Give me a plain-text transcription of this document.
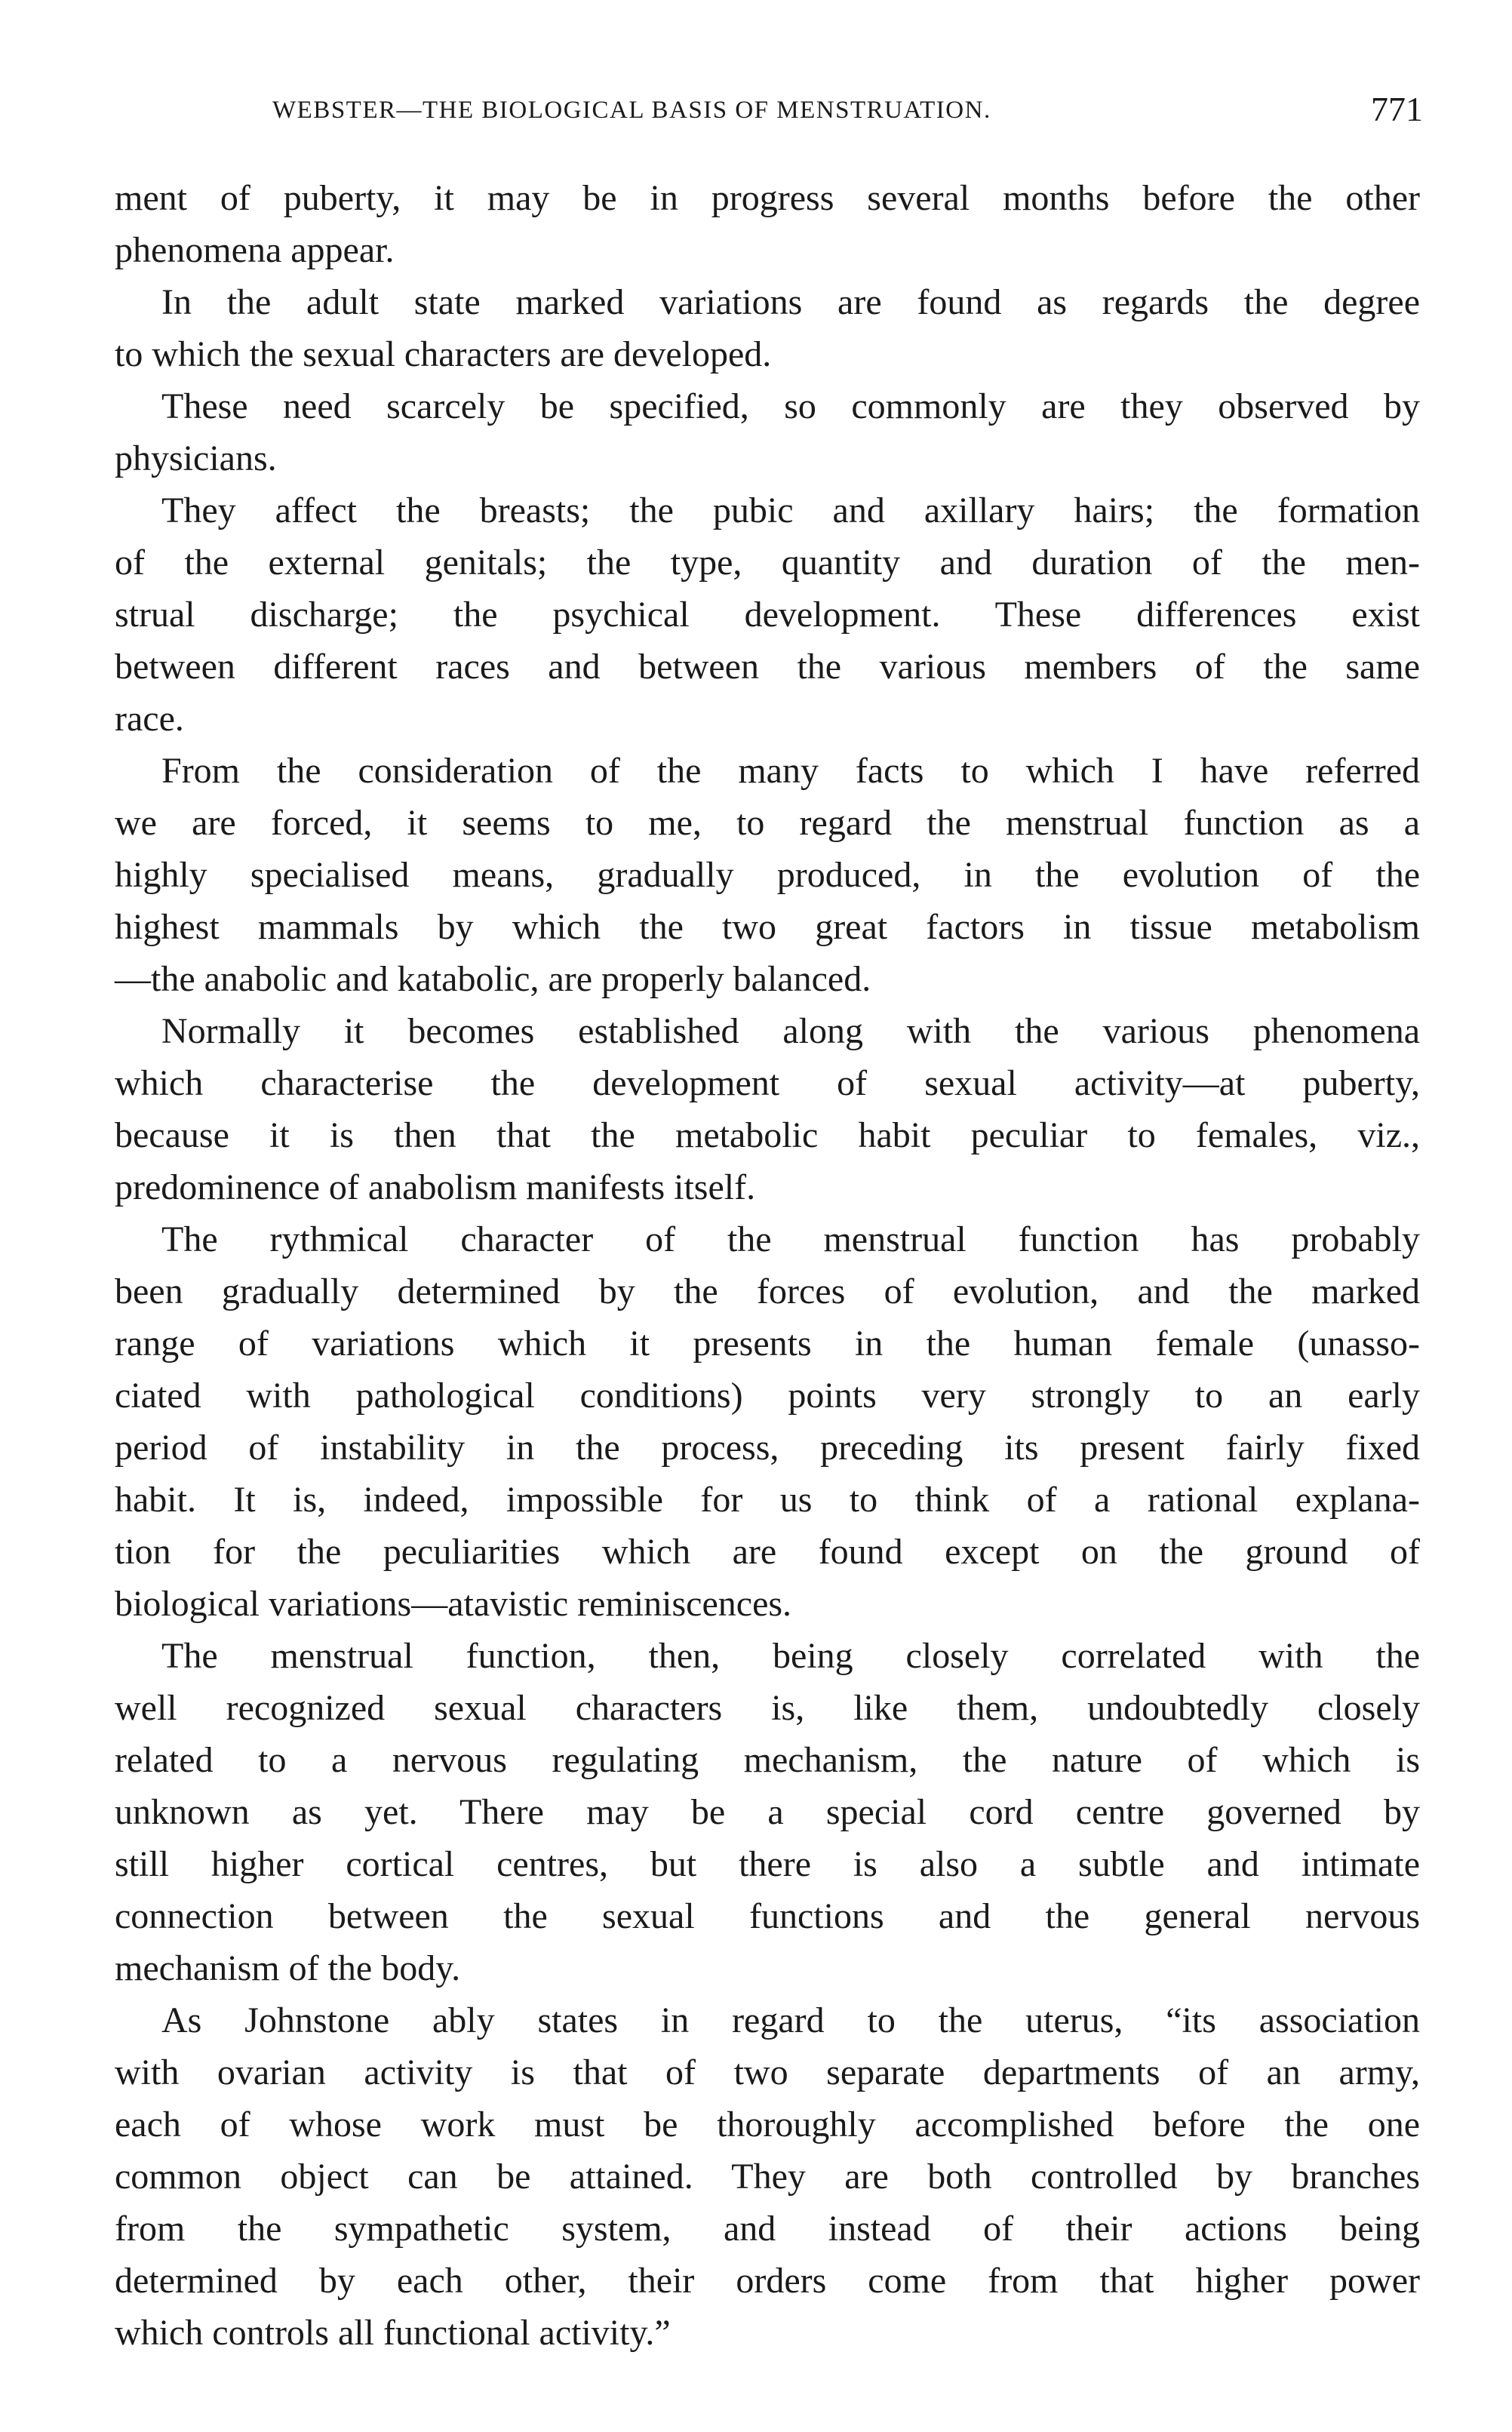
WEBSTER—THE BIOLOGICAL BASIS OF MENSTRUATION.	771
ment of puberty, it may be in progress several months before the other
phenomena appear.
In the adult state marked variations are found as regards the degree
to which the sexual characters are developed.
These need scarcely be specified, so commonly are they observed by
physicians.
They affect the breasts; the pubic and axillary hairs; the formation
of the external genitals; the type, quantity and duration of the men-
strual discharge; the psychical development. These differences exist
between different races and between the various members of the same
race.
From the consideration of the many facts to which I have referred
we are forced, it seems to me, to regard the menstrual function as a
highly specialised means, gradually produced, in the evolution of the
highest mammals by which the two great factors in tissue metabolism
—the anabolic and katabolic, are properly balanced.
Normally it becomes established along with the various phenomena
which characterise the development of sexual activity—at puberty,
because it is then that the metabolic habit peculiar to females, viz.,
predominence of anabolism manifests itself.
The rythmical character of the menstrual function has probably
been gradually determined by the forces of evolution, and the marked
range of variations which it presents in the human female (unasso-
ciated with pathological conditions) points very strongly to an early
period of instability in the process, preceding its present fairly fixed
habit. It is, indeed, impossible for us to think of a rational explana-
tion for the peculiarities which are found except on the ground of
biological variations—atavistic reminiscences.
The menstrual function, then, being closely correlated with the
well recognized sexual characters is, like them, undoubtedly closely
related to a nervous regulating mechanism, the nature of which is
unknown as yet. There may be a special cord centre governed by
still higher cortical centres, but there is also a subtle and intimate
connection between the sexual functions and the general nervous
mechanism of the body.
As Johnstone ably states in regard to the uterus, “its association
with ovarian activity is that of two separate departments of an army,
each of whose work must be thoroughly accomplished before the one
common object can be attained. They are both controlled by branches
from the sympathetic system, and instead of their actions being
determined by each other, their orders come from that higher power
which controls all functional activity.”
